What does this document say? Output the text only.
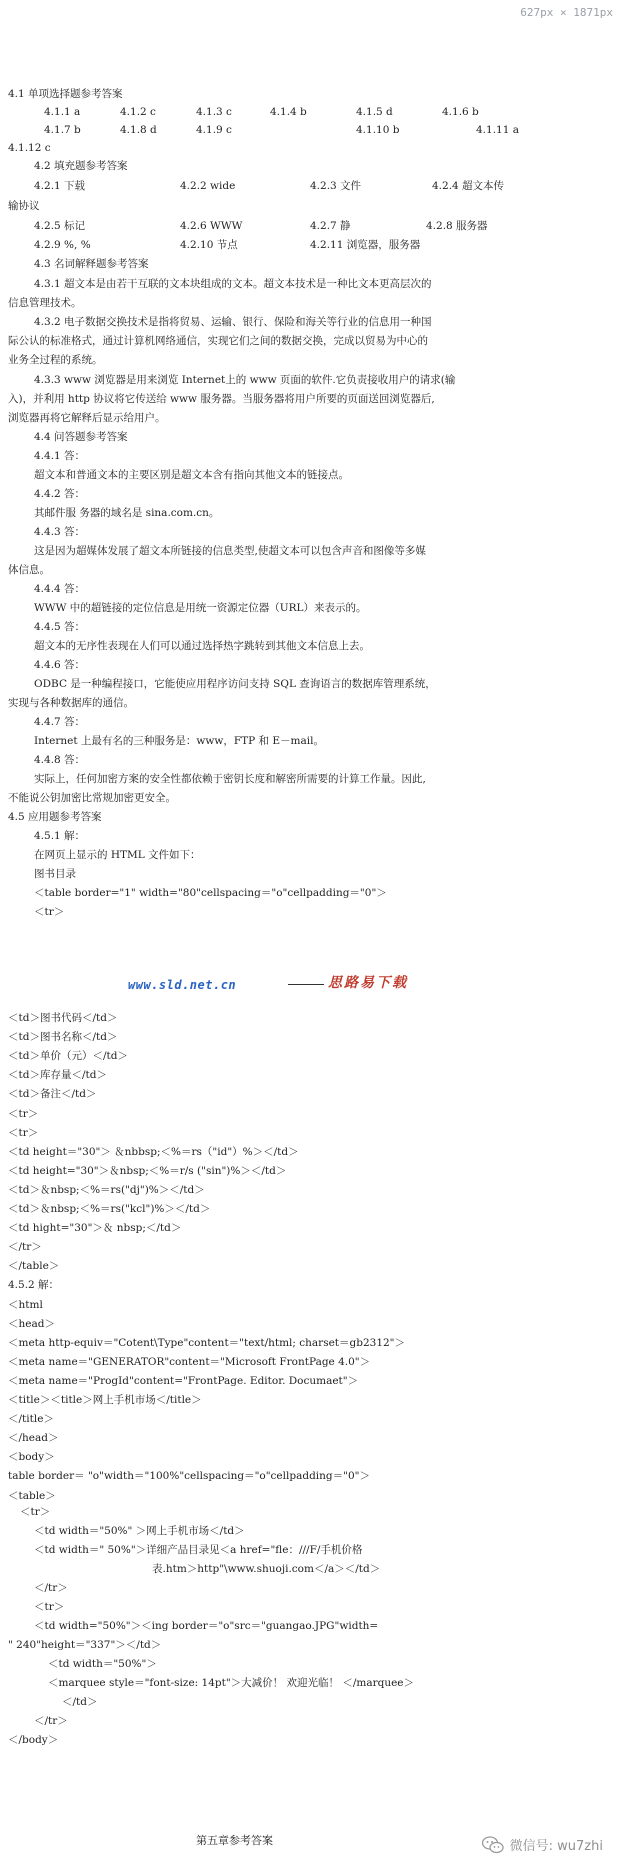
627px × 1871px
4.1 单项选择题参考答案
4.1.1 a	4.1.2 c	4.1.3 c	4.1.4 b	4.1.5 d	4.1.6 b
4.1.7 b	4.1.8 d	4.1.9 c	4.1.10 b	4.1.11 a
4.1.12 c
4.2 填充题参考答案
4.2.1 下载	4.2.2 wide	4.2.3 文件	4.2.4 超文本传
输协议
4.2.5 标记	4.2.6 WWW	4.2.7 静	4.2.8 服务器
4.2.9 %, %	4.2.10 节点	4.2.11 浏览器，服务器
4.3 名词解释题参考答案
4.3.1 超文本是由若干互联的文本块组成的文本。超文本技术是一种比文本更高层次的
信息管理技术。
4.3.2 电子数据交换技术是指将贸易、运输、银行、保险和海关等行业的信息用一种国
际公认的标准格式，通过计算机网络通信，实现它们之间的数据交换，完成以贸易为中心的
业务全过程的系统。
4.3.3 www 浏览器是用来浏览 Internet上的 www 页面的软件.它负责接收用户的请求(输
入)，并利用 http 协议将它传送给 www 服务器。当服务器将用户所要的页面送回浏览器后,
浏览器再将它解释后显示给用户。
4.4 问答题参考答案
4.4.1 答：
超文本和普通文本的主要区别是超文本含有指向其他文本的链接点。
4.4.2 答：
其邮件服 务器的域名是 sina.com.cn。
4.4.3 答：
这是因为超媒体发展了超文本所链接的信息类型,使超文本可以包含声音和图像等多媒
体信息。
4.4.4 答：
WWW 中的超链接的定位信息是用统一资源定位器（URL）来表示的。
4.4.5 答：
超文本的无序性表现在人们可以通过选择热字跳转到其他文本信息上去。
4.4.6 答：
ODBC 是一种编程接口，它能使应用程序访问支持 SQL 查询语言的数据库管理系统，
实现与各种数据库的通信。
4.4.7 答：
Internet 上最有名的三种服务是：www，FTP 和 E－mail。
4.4.8 答：
实际上，任何加密方案的安全性都依赖于密钥长度和解密所需要的计算工作量。因此,
不能说公钥加密比常规加密更安全。
4.5 应用题参考答案
4.5.1 解：
在网页上显示的 HTML 文件如下：
图书目录
＜table border="1" width="80"cellspacing＝"o"cellpadding＝"0"＞
＜tr＞
www.sld.net.cn	思路易下载
＜td＞图书代码＜/td＞
＜td＞图书名称＜/td＞
＜td＞单价（元）＜/td＞
＜td＞库存量＜/td＞
＜td＞备注＜/td＞
＜tr＞
＜tr＞
＜td height＝"30"＞ ＆nbbsp;＜%＝rs（"id"）%＞＜/td＞
＜td height="30"＞＆nbsp;＜%＝r/s ("sin")%＞＜/td＞
＜td＞＆nbsp;＜%＝rs("dj")%＞＜/td＞
＜td＞＆nbsp;＜%＝rs("kcl")%＞＜/td＞
＜td hight="30"＞＆ nbsp;＜/td＞
＜/tr＞
＜/table＞
4.5.2 解：
＜html
＜head＞
＜meta http-equiv＝"Cotent\Type"content＝"text/html; charset＝gb2312"＞
＜meta name＝"GENERATOR"content＝"Microsoft FrontPage 4.0"＞
＜meta name＝"ProgId"content="FrontPage. Editor. Documaet"＞
＜title＞＜title＞网上手机市场＜/title＞
＜/title＞
＜/head＞
＜body＞
table border＝ "o"width＝"100%"cellspacing＝"o"cellpadding＝"0"＞
＜table＞
＜tr＞
＜td width＝"50%" ＞网上手机市场＜/td＞
＜td width＝" 50%"＞详细产品目录见＜a href="fle：///F/手机价格
表.htm＞http"\www.shuoji.com＜/a＞＜/td＞
＜/tr＞
＜tr＞
＜td width="50%"＞＜ing border＝"o"src＝"guangao.JPG"width=
" 240"height＝"337"＞＜/td＞
＜td width＝"50%"＞
＜marquee style＝"font-size: 14pt"＞大减价！ 欢迎光临！ ＜/marquee＞
＜/td＞
＜/tr＞
＜/body＞
第五章参考答案	微信号: wu7zhi
